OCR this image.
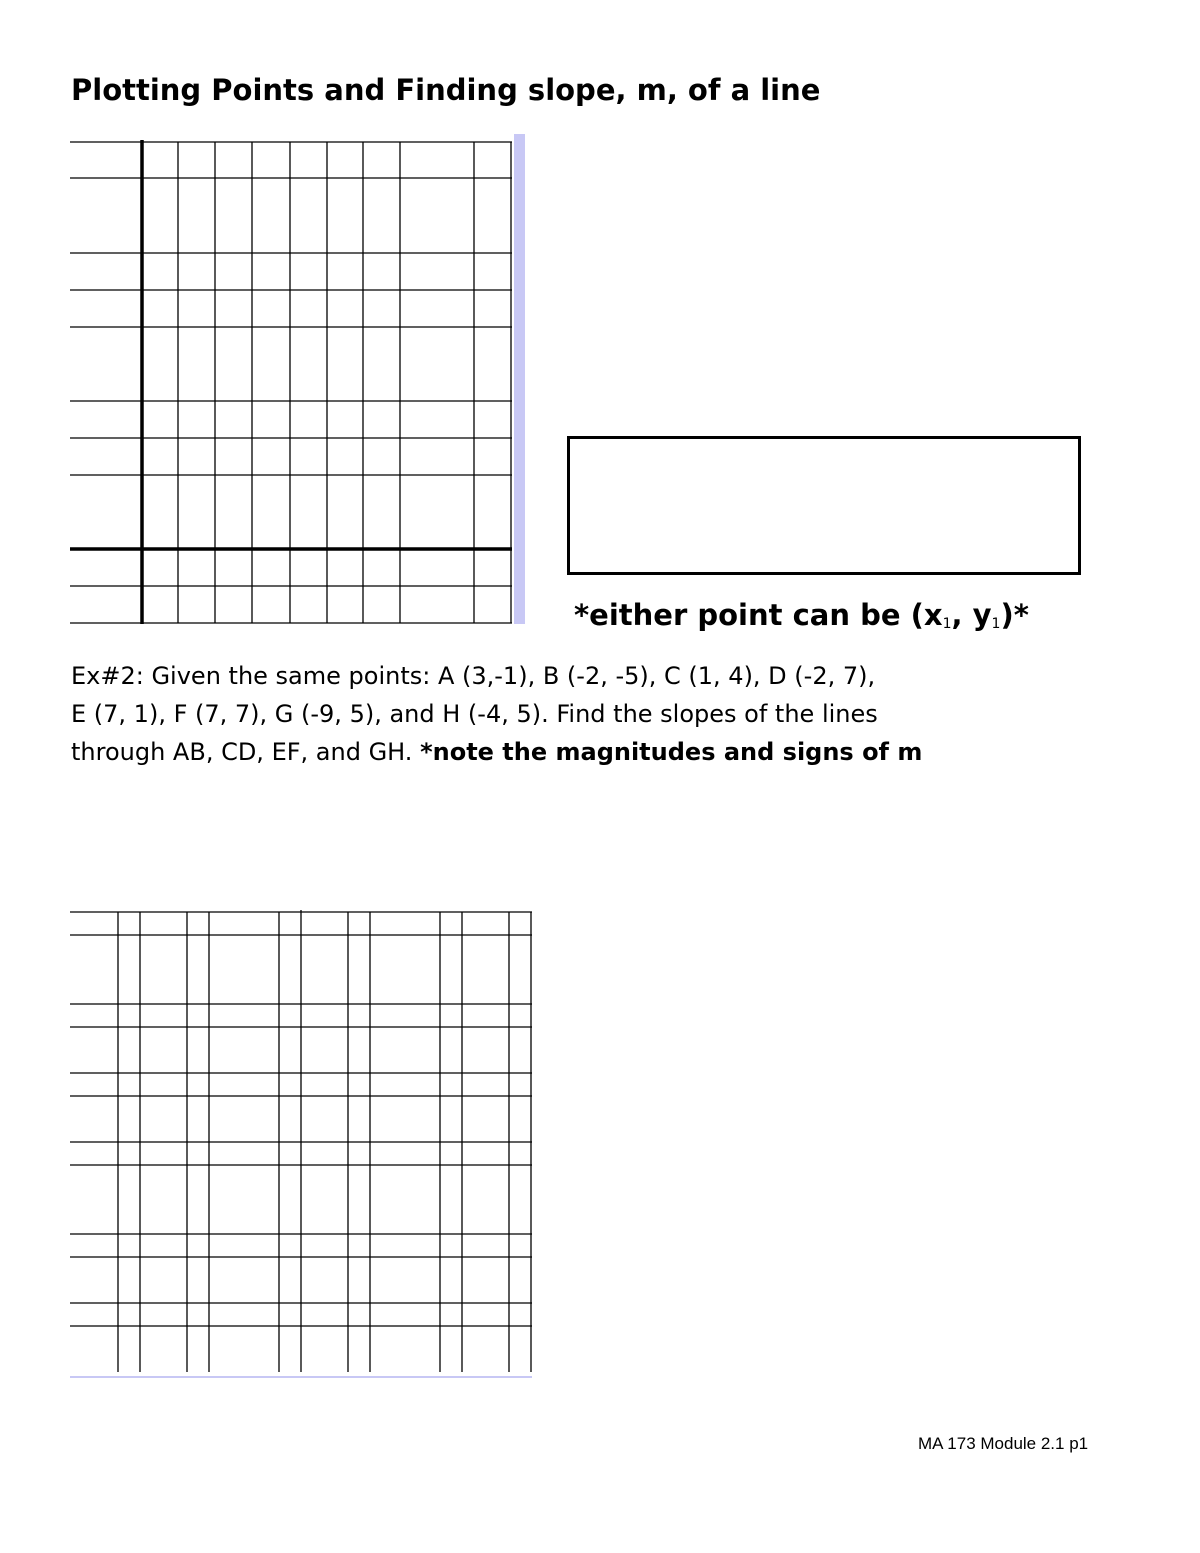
Plotting Points and Finding slope, m, of a line

*either point can be ($x_1$, $y_1)*$

Ex#2: Given the same points: A (3,-1), B (-2, -5), C (1, 4), D (-2, 7),
E (7, 1), F (7, 7), G (-9, 5), and H (-4, 5). Find the slopes of the lines
through AB, CD, EF, and GH. *note the magnitudes and signs of m

MA 173 Module 2.1 p1
